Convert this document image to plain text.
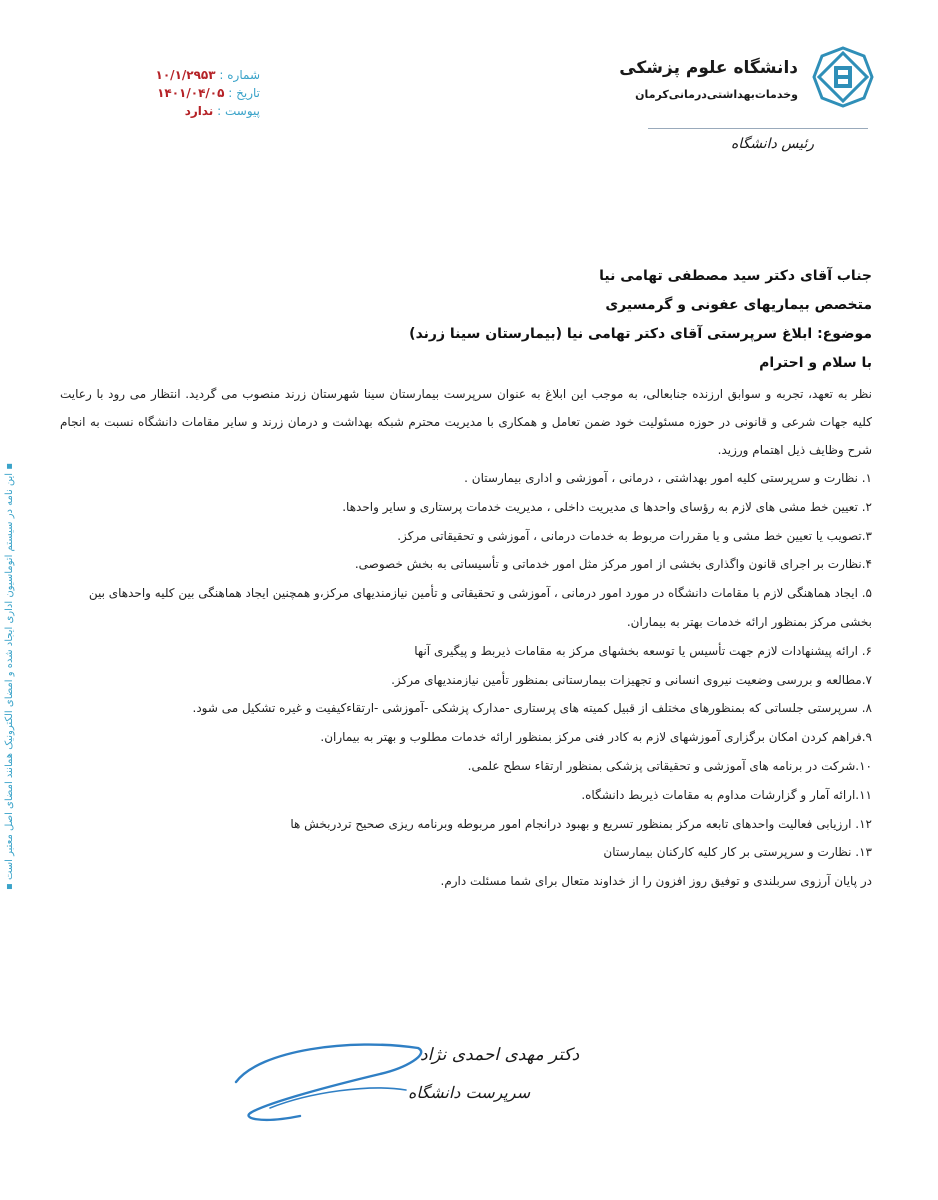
دانشگاه علوم پزشکی
وخدمات‌بهداشتی‌درمانی‌کرمان
رئیس دانشگاه
شماره : ۱۰/۱/۲۹۵۳
تاریخ : ۱۴۰۱/۰۴/۰۵
پیوست : ندارد
جناب آقای دکتر سید مصطفی تهامی نیا
متخصص بیماریهای عفونی و گرمسیری
موضوع: ابلاغ سرپرستی آقای دکتر تهامی نیا (بیمارستان سینا زرند)
با سلام و احترام

نظر به تعهد، تجربه و سوابق ارزنده جنابعالی، به موجب این ابلاغ به عنوان سرپرست بیمارستان سینا شهرستان زرند منصوب می گردید. انتظار می رود با رعایت کلیه جهات شرعی و قانونی در حوزه مسئولیت خود ضمن تعامل و همکاری با مدیریت محترم شبکه بهداشت و درمان زرند و سایر مقامات دانشگاه نسبت به انجام شرح وظایف ذیل اهتمام ورزید.

۱. نظارت و سرپرستی کلیه امور بهداشتی ، درمانی ، آموزشی و اداری بیمارستان .

۲. تعیین خط مشی های لازم به رؤسای واحدها ی مدیریت داخلی ، مدیریت خدمات پرستاری و سایر واحدها.

۳.تصویب یا تعیین خط مشی و یا مقررات مربوط به خدمات درمانی ، آموزشی و تحقیقاتی مرکز.

۴.نظارت بر اجرای قانون واگذاری بخشی از امور مرکز مثل امور خدماتی و تأسیساتی به بخش خصوصی.

۵. ایجاد هماهنگی لازم با مقامات دانشگاه در مورد امور درمانی ، آموزشی و تحقیقاتی و تأمین نیازمندیهای مرکز،و همچنین ایجاد هماهنگی بین کلیه واحدهای بین بخشی مرکز بمنظور ارائه خدمات بهتر به بیماران.

۶. ارائه پیشنهادات لازم جهت تأسیس یا توسعه بخشهای مرکز به مقامات ذیربط و پیگیری آنها

۷.مطالعه و بررسی وضعیت نیروی انسانی و تجهیزات بیمارستانی بمنظور تأمین نیازمندیهای مرکز.

۸. سرپرستی جلساتی که بمنظورهای مختلف از قبیل کمیته های پرستاری -مدارک پزشکی -آموزشی -ارتقاءکیفیت و غیره تشکیل می شود.

۹.فراهم کردن امکان برگزاری آموزشهای لازم به کادر فنی مرکز بمنظور ارائه خدمات مطلوب و بهتر به بیماران.

۱۰.شرکت در برنامه های آموزشی و تحقیقاتی پزشکی بمنظور ارتقاء سطح علمی.

۱۱.ارائه آمار و گزارشات مداوم به مقامات ذیربط دانشگاه.

۱۲. ارزیابی فعالیت واحدهای تابعه مرکز بمنظور تسریع و بهبود درانجام امور مربوطه وبرنامه ریزی صحیح تردربخش ها

۱۳. نظارت و سرپرستی بر کار کلیه کارکنان بیمارستان

در پایان آرزوی سربلندی و توفیق روز افزون را از خداوند متعال برای شما مسئلت دارم.

▪ این نامه در سیستم اتوماسیون اداری ایجاد شده و امضای الکترونیک همانند امضای اصل معتبر است ▪
دکتر مهدی احمدی نژاد
سرپرست دانشگاه
